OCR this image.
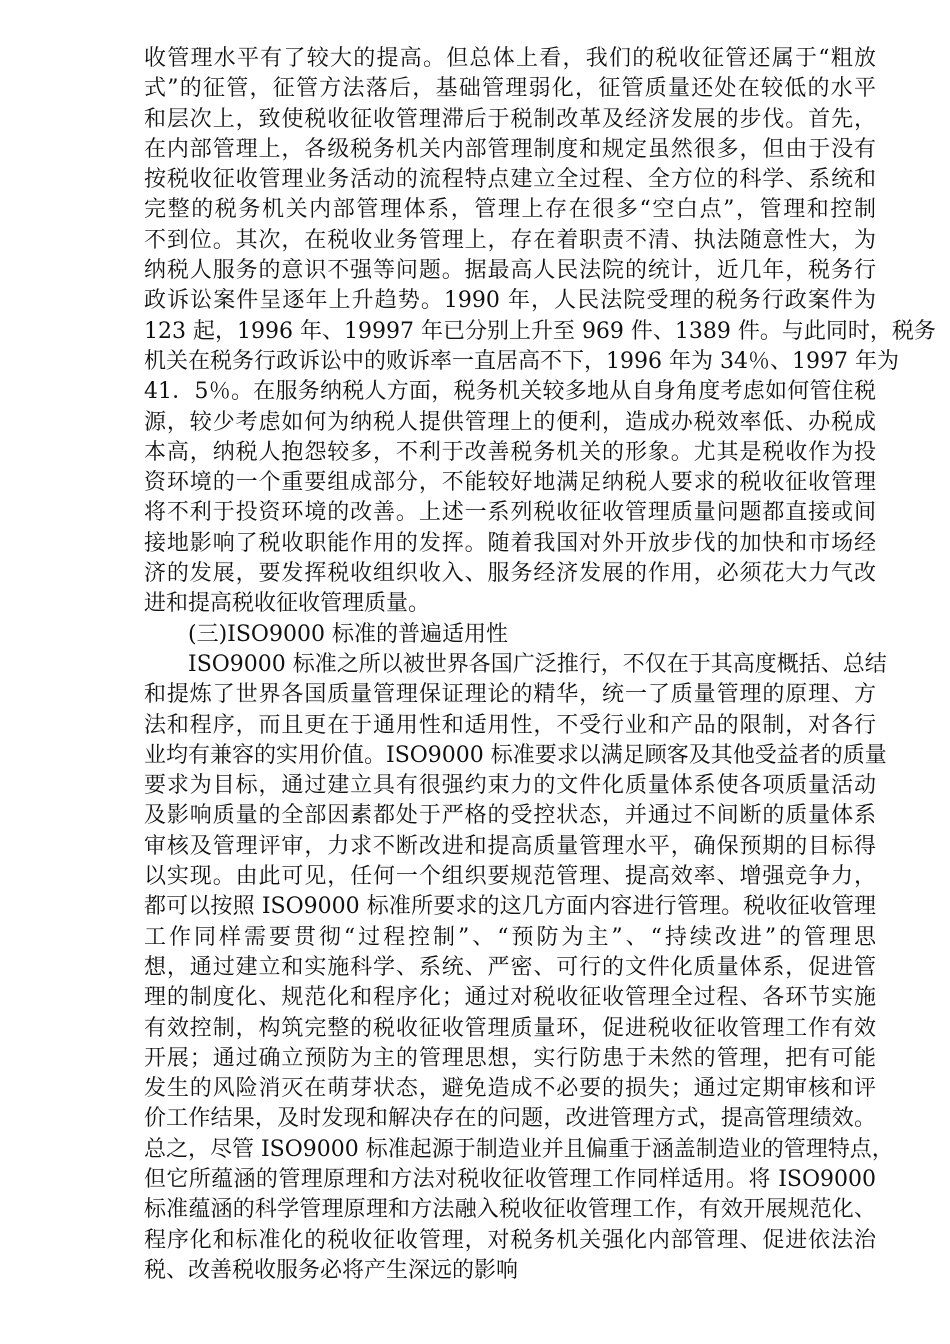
收管理水平有了较大的提高。但总体上看，我们的税收征管还属于“粗放
式”的征管，征管方法落后，基础管理弱化，征管质量还处在较低的水平
和层次上，致使税收征收管理滞后于税制改革及经济发展的步伐。首先，
在内部管理上，各级税务机关内部管理制度和规定虽然很多，但由于没有
按税收征收管理业务活动的流程特点建立全过程、全方位的科学、系统和
完整的税务机关内部管理体系，管理上存在很多“空白点”，管理和控制
不到位。其次，在税收业务管理上，存在着职责不清、执法随意性大，为
纳税人服务的意识不强等问题。据最高人民法院的统计，近几年，税务行
政诉讼案件呈逐年上升趋势。1990 年，人民法院受理的税务行政案件为
123 起，1996 年、19997 年已分别上升至 969 件、1389 件。与此同时，税务
机关在税务行政诉讼中的败诉率一直居高不下，1996 年为 34％、1997 年为
41．5％。在服务纳税人方面，税务机关较多地从自身角度考虑如何管住税
源，较少考虑如何为纳税人提供管理上的便利，造成办税效率低、办税成
本高，纳税人抱怨较多，不利于改善税务机关的形象。尤其是税收作为投
资环境的一个重要组成部分，不能较好地满足纳税人要求的税收征收管理
将不利于投资环境的改善。上述一系列税收征收管理质量问题都直接或间
接地影响了税收职能作用的发挥。随着我国对外开放步伐的加快和市场经
济的发展，要发挥税收组织收入、服务经济发展的作用，必须花大力气改
进和提高税收征收管理质量。
(三)ISO9000 标准的普遍适用性
ISO9000 标准之所以被世界各国广泛推行，不仅在于其高度概括、总结
和提炼了世界各国质量管理保证理论的精华，统一了质量管理的原理、方
法和程序，而且更在于通用性和适用性，不受行业和产品的限制，对各行
业均有兼容的实用价值。ISO9000 标准要求以满足顾客及其他受益者的质量
要求为目标，通过建立具有很强约束力的文件化质量体系使各项质量活动
及影响质量的全部因素都处于严格的受控状态，并通过不间断的质量体系
审核及管理评审，力求不断改进和提高质量管理水平，确保预期的目标得
以实现。由此可见，任何一个组织要规范管理、提高效率、增强竞争力，
都可以按照 ISO9000 标准所要求的这几方面内容进行管理。税收征收管理
工作同样需要贯彻“过程控制”、“预防为主”、“持续改进”的管理思
想，通过建立和实施科学、系统、严密、可行的文件化质量体系，促进管
理的制度化、规范化和程序化；通过对税收征收管理全过程、各环节实施
有效控制，构筑完整的税收征收管理质量环，促进税收征收管理工作有效
开展；通过确立预防为主的管理思想，实行防患于未然的管理，把有可能
发生的风险消灭在萌芽状态，避免造成不必要的损失；通过定期审核和评
价工作结果，及时发现和解决存在的问题，改进管理方式，提高管理绩效。
总之，尽管 ISO9000 标准起源于制造业并且偏重于涵盖制造业的管理特点，
但它所蕴涵的管理原理和方法对税收征收管理工作同样适用。将 ISO9000
标准蕴涵的科学管理原理和方法融入税收征收管理工作，有效开展规范化、
程序化和标准化的税收征收管理，对税务机关强化内部管理、促进依法治
税、改善税收服务必将产生深远的影响
